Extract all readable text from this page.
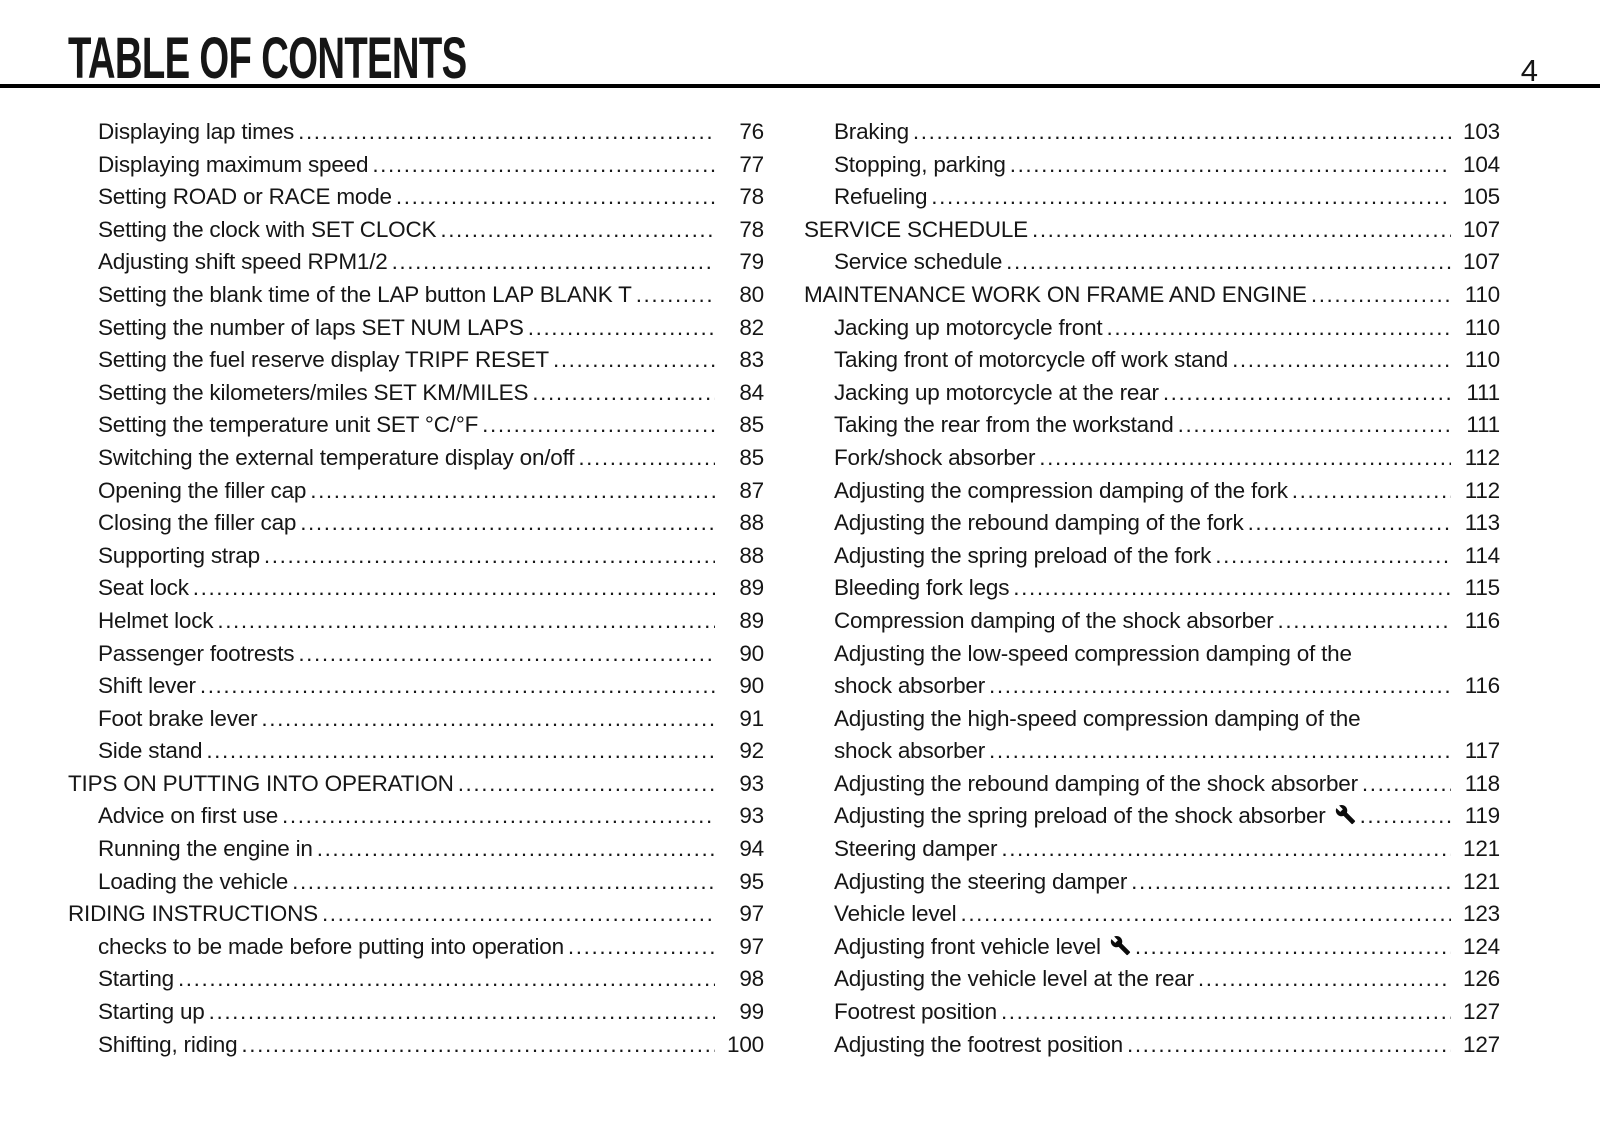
TABLE OF CONTENTS	4
Displaying lap times .....	76
Displaying maximum speed .....	77
Setting ROAD or RACE mode .....	78
Setting the clock with SET CLOCK .....	78
Adjusting shift speed RPM1/2 .....	79
Setting the blank time of the LAP button LAP BLANK T .....	80
Setting the number of laps SET NUM LAPS .....	82
Setting the fuel reserve display TRIPF RESET .....	83
Setting the kilometers/miles SET KM/MILES .....	84
Setting the temperature unit SET °C/°F .....	85
Switching the external temperature display on/off .....	85
Opening the filler cap .....	87
Closing the filler cap .....	88
Supporting strap .....	88
Seat lock .....	89
Helmet lock .....	89
Passenger footrests .....	90
Shift lever .....	90
Foot brake lever .....	91
Side stand .....	92
TIPS ON PUTTING INTO OPERATION .....	93
Advice on first use .....	93
Running the engine in .....	94
Loading the vehicle .....	95
RIDING INSTRUCTIONS .....	97
checks to be made before putting into operation .....	97
Starting .....	98
Starting up .....	99
Shifting, riding .....	100
Braking .....	103
Stopping, parking .....	104
Refueling .....	105
SERVICE SCHEDULE .....	107
Service schedule .....	107
MAINTENANCE WORK ON FRAME AND ENGINE .....	110
Jacking up motorcycle front .....	110
Taking front of motorcycle off work stand .....	110
Jacking up motorcycle at the rear .....	111
Taking the rear from the workstand .....	111
Fork/shock absorber .....	112
Adjusting the compression damping of the fork .....	112
Adjusting the rebound damping of the fork .....	113
Adjusting the spring preload of the fork .....	114
Bleeding fork legs .....	115
Compression damping of the shock absorber .....	116
Adjusting the low-speed compression damping of the
shock absorber .....	116
Adjusting the high-speed compression damping of the
shock absorber .....	117
Adjusting the rebound damping of the shock absorber .....	118
Adjusting the spring preload of the shock absorber .....	119
Steering damper .....	121
Adjusting the steering damper .....	121
Vehicle level .....	123
Adjusting front vehicle level .....	124
Adjusting the vehicle level at the rear .....	126
Footrest position .....	127
Adjusting the footrest position .....	127
